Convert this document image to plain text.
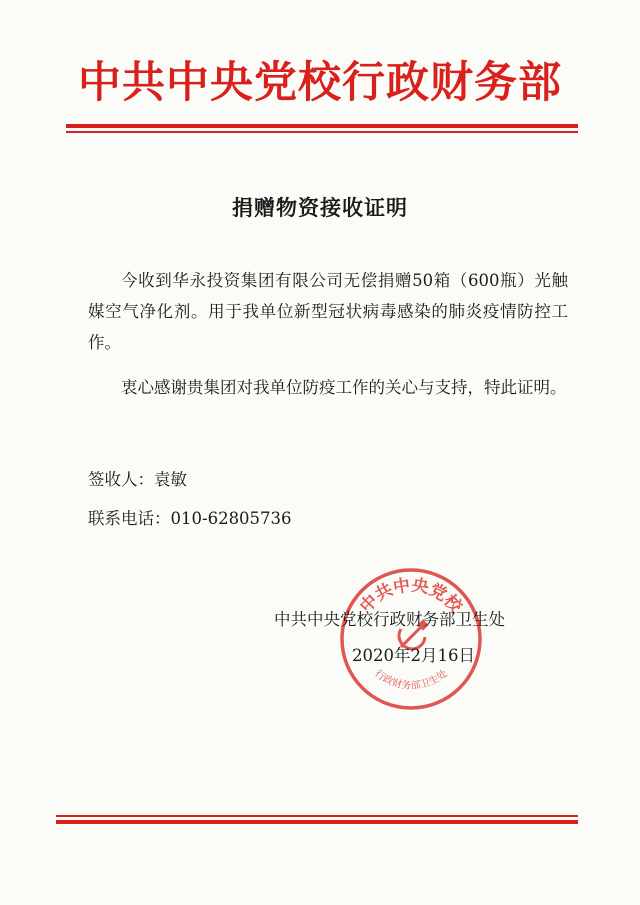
中共中央党校行政财务部
捐赠物资接收证明

今收到华永投资集团有限公司无偿捐赠50箱（600瓶）光触媒空气净化剂。用于我单位新型冠状病毒感染的肺炎疫情防控工作。

衷心感谢贵集团对我单位防疫工作的关心与支持，特此证明。

签收人：袁敏
联系电话：010-62805736
中共中央党校
行政财务部卫生处
中共中央党校行政财务部卫生处
2020年2月16日
